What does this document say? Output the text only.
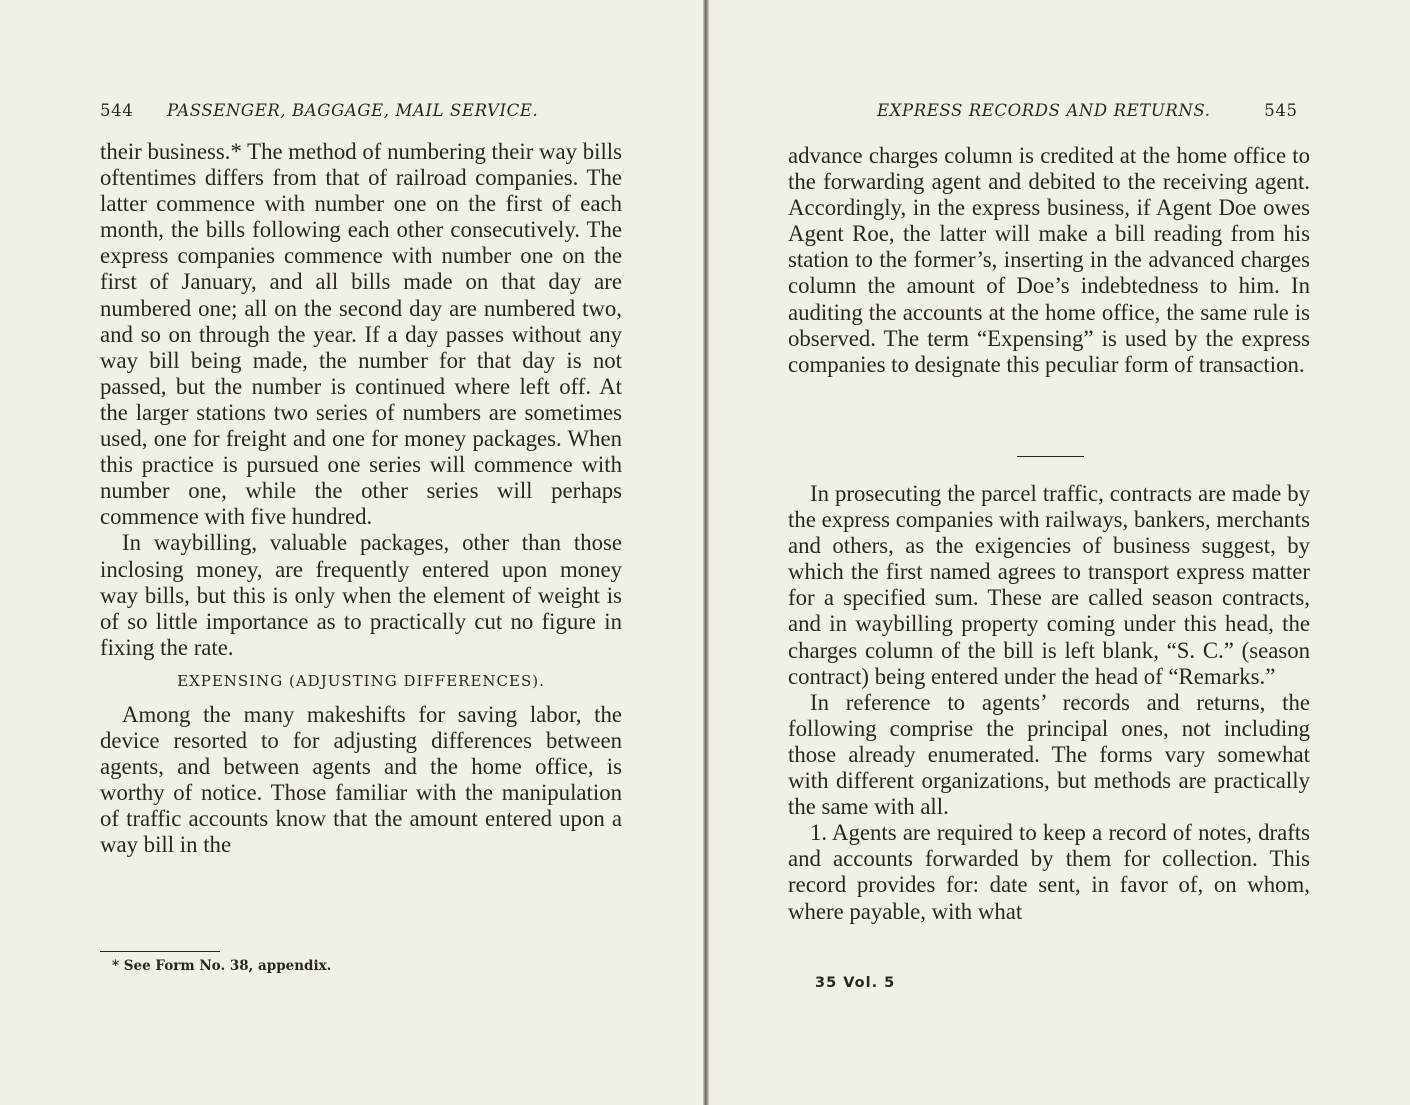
544 PASSENGER, BAGGAGE, MAIL SERVICE.

their business.* The method of numbering their way bills oftentimes differs from that of railroad companies. The latter commence with number one on the first of each month, the bills following each other consecutively. The express companies commence with number one on the first of January, and all bills made on that day are numbered one; all on the second day are numbered two, and so on through the year. If a day passes without any way bill being made, the number for that day is not passed, but the number is continued where left off. At the larger stations two series of numbers are sometimes used, one for freight and one for money packages. When this practice is pursued one series will commence with number one, while the other series will perhaps commence with five hundred.

In waybilling, valuable packages, other than those inclosing money, are frequently entered upon money way bills, but this is only when the element of weight is of so little importance as to practically cut no figure in fixing the rate.

EXPENSING (ADJUSTING DIFFERENCES).

Among the many makeshifts for saving labor, the device resorted to for adjusting differences between agents, and between agents and the home office, is worthy of notice. Those familiar with the manipulation of traffic accounts know that the amount entered upon a way bill in the

* See Form No. 38, appendix.
EXPRESS RECORDS AND RETURNS.	545

advance charges column is credited at the home office to the forwarding agent and debited to the receiving agent. Accordingly, in the express business, if Agent Doe owes Agent Roe, the latter will make a bill reading from his station to the former’s, inserting in the advanced charges column the amount of Doe’s indebtedness to him. In auditing the accounts at the home office, the same rule is observed. The term “Expensing” is used by the express companies to designate this peculiar form of transaction.

In prosecuting the parcel traffic, contracts are made by the express companies with railways, bankers, merchants and others, as the exigencies of business suggest, by which the first named agrees to transport express matter for a specified sum. These are called season contracts, and in waybilling property coming under this head, the charges column of the bill is left blank, “S. C.” (season contract) being entered under the head of “Remarks.”

In reference to agents’ records and returns, the following comprise the principal ones, not including those already enumerated. The forms vary somewhat with different organizations, but methods are practically the same with all.

1. Agents are required to keep a record of notes, drafts and accounts forwarded by them for collection. This record provides for: date sent, in favor of, on whom, where payable, with what

35 Vol. 5
